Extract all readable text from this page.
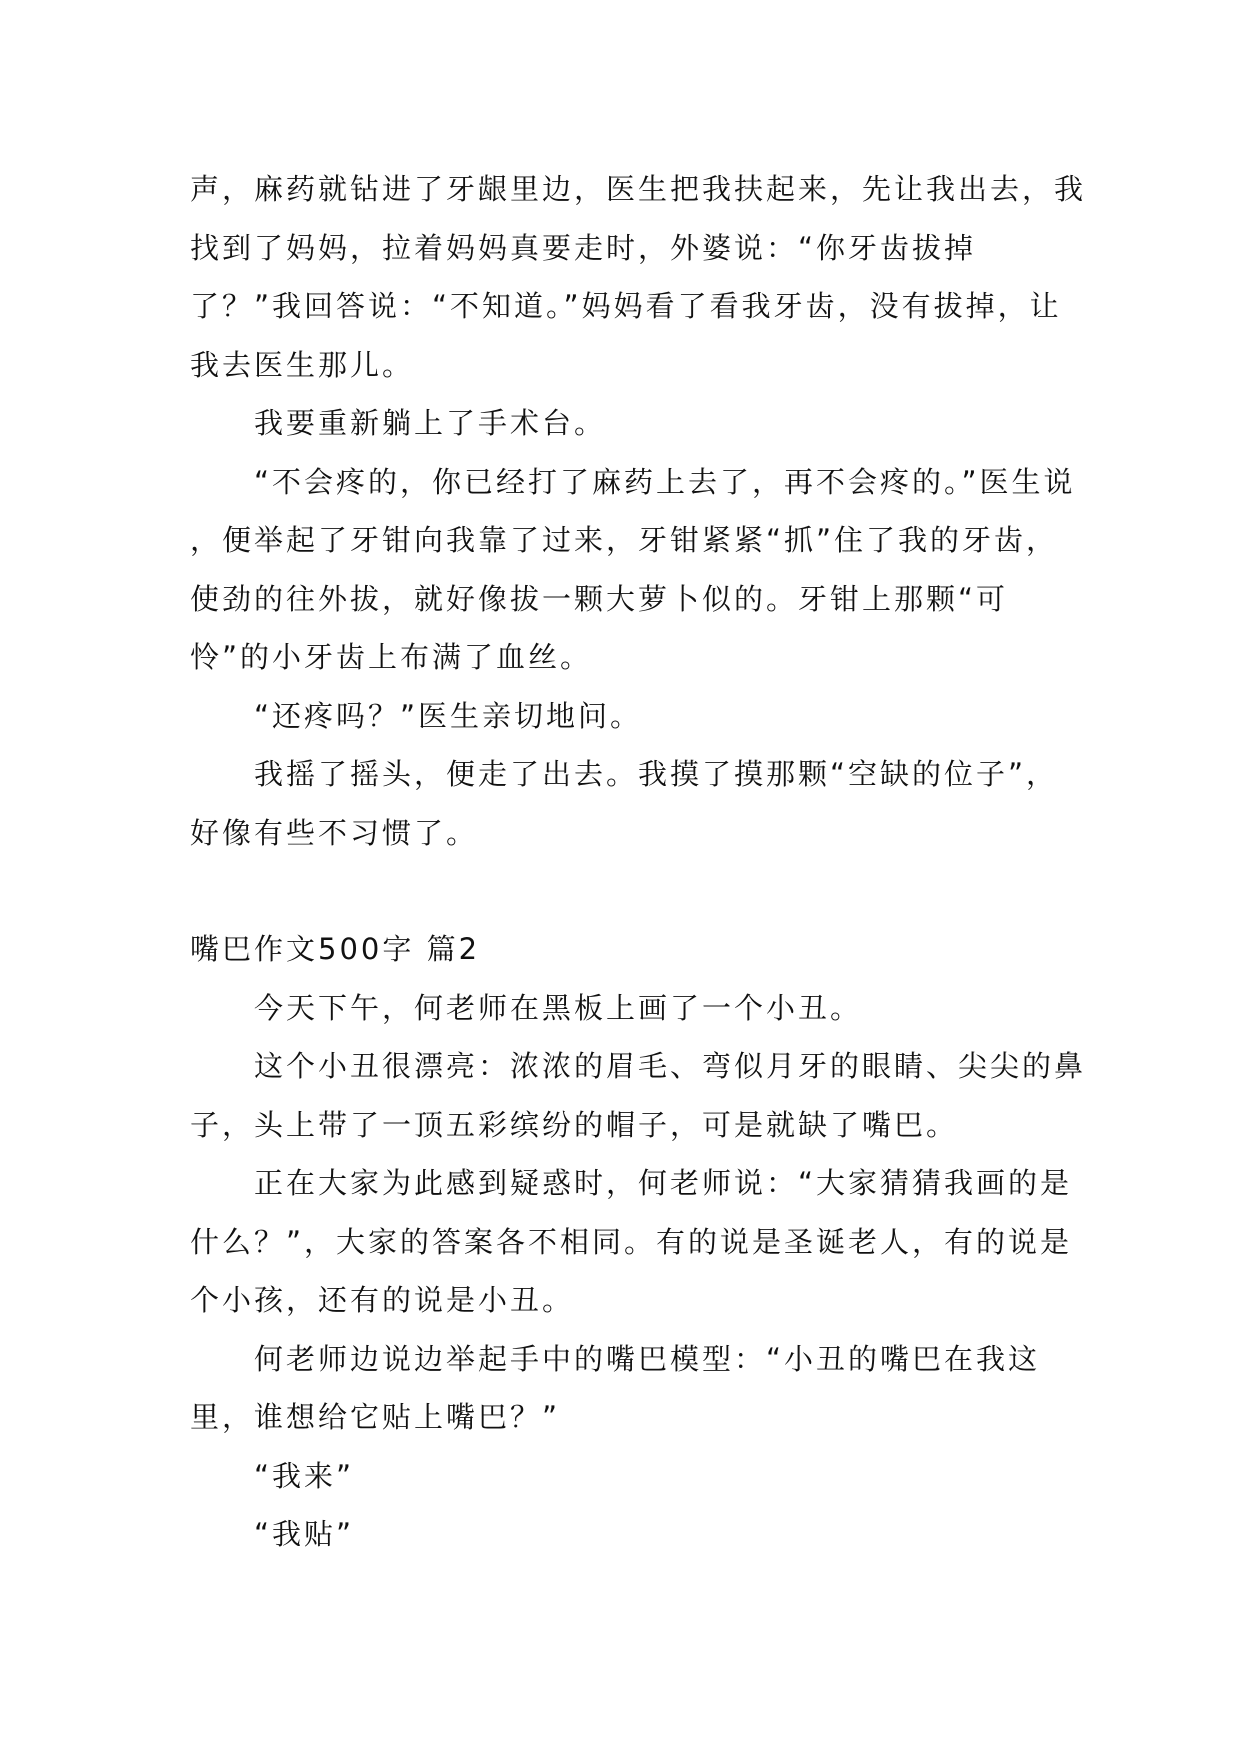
声，麻药就钻进了牙龈里边，医生把我扶起来，先让我出去，我找到了妈妈，拉着妈妈真要走时，外婆说：“你牙齿拔掉了？”我回答说：“不知道。”妈妈看了看我牙齿，没有拔掉，让我去医生那儿。

我要重新躺上了手术台。

“不会疼的，你已经打了麻药上去了，再不会疼的。”医生说 ，便举起了牙钳向我靠了过来，牙钳紧紧“抓”住了我的牙齿，使劲的往外拔，就好像拔一颗大萝卜似的。牙钳上那颗“可怜”的小牙齿上布满了血丝。

“还疼吗？”医生亲切地问。

我摇了摇头，便走了出去。我摸了摸那颗“空缺的位子”，好像有些不习惯了。

嘴巴作文500字 篇2

今天下午，何老师在黑板上画了一个小丑。

这个小丑很漂亮：浓浓的眉毛、弯似月牙的眼睛、尖尖的鼻子，头上带了一顶五彩缤纷的帽子，可是就缺了嘴巴。

正在大家为此感到疑惑时，何老师说：“大家猜猜我画的是什么？”，大家的答案各不相同。有的说是圣诞老人，有的说是个小孩，还有的说是小丑。

何老师边说边举起手中的嘴巴模型：“小丑的嘴巴在我这里，谁想给它贴上嘴巴？”

“我来”

“我贴”
